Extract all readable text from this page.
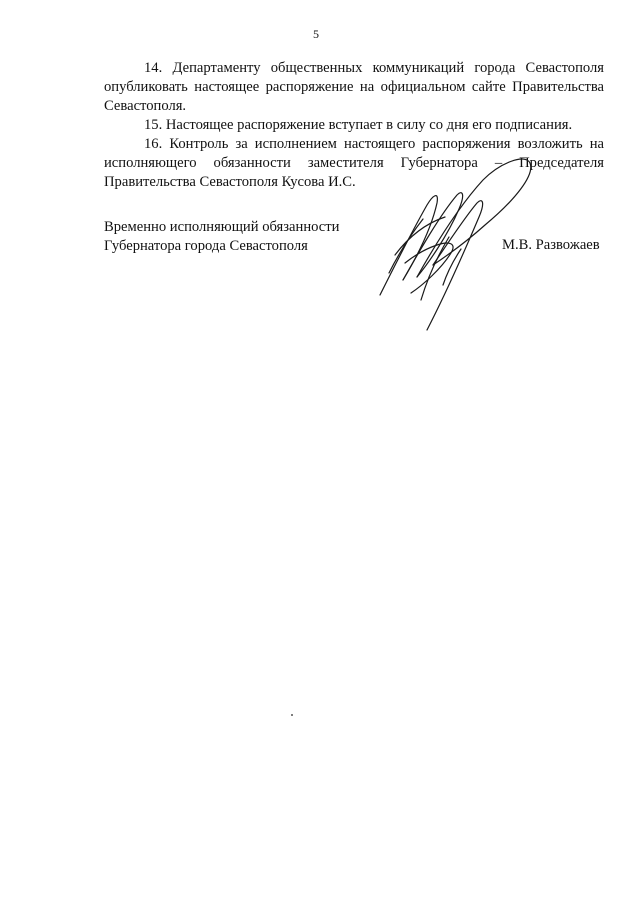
5

14. Департаменту общественных коммуникаций города Севастополя опубликовать настоящее распоряжение на официальном сайте Правительства Севастополя.

15. Настоящее распоряжение вступает в силу со дня его подписания.

16. Контроль за исполнением настоящего распоряжения возложить на исполняющего обязанности заместителя Губернатора – Председателя Правительства Севастополя Кусова И.С.

Временно исполняющий обязанности
Губернатора города Севастополя	М.В. Развожаев
